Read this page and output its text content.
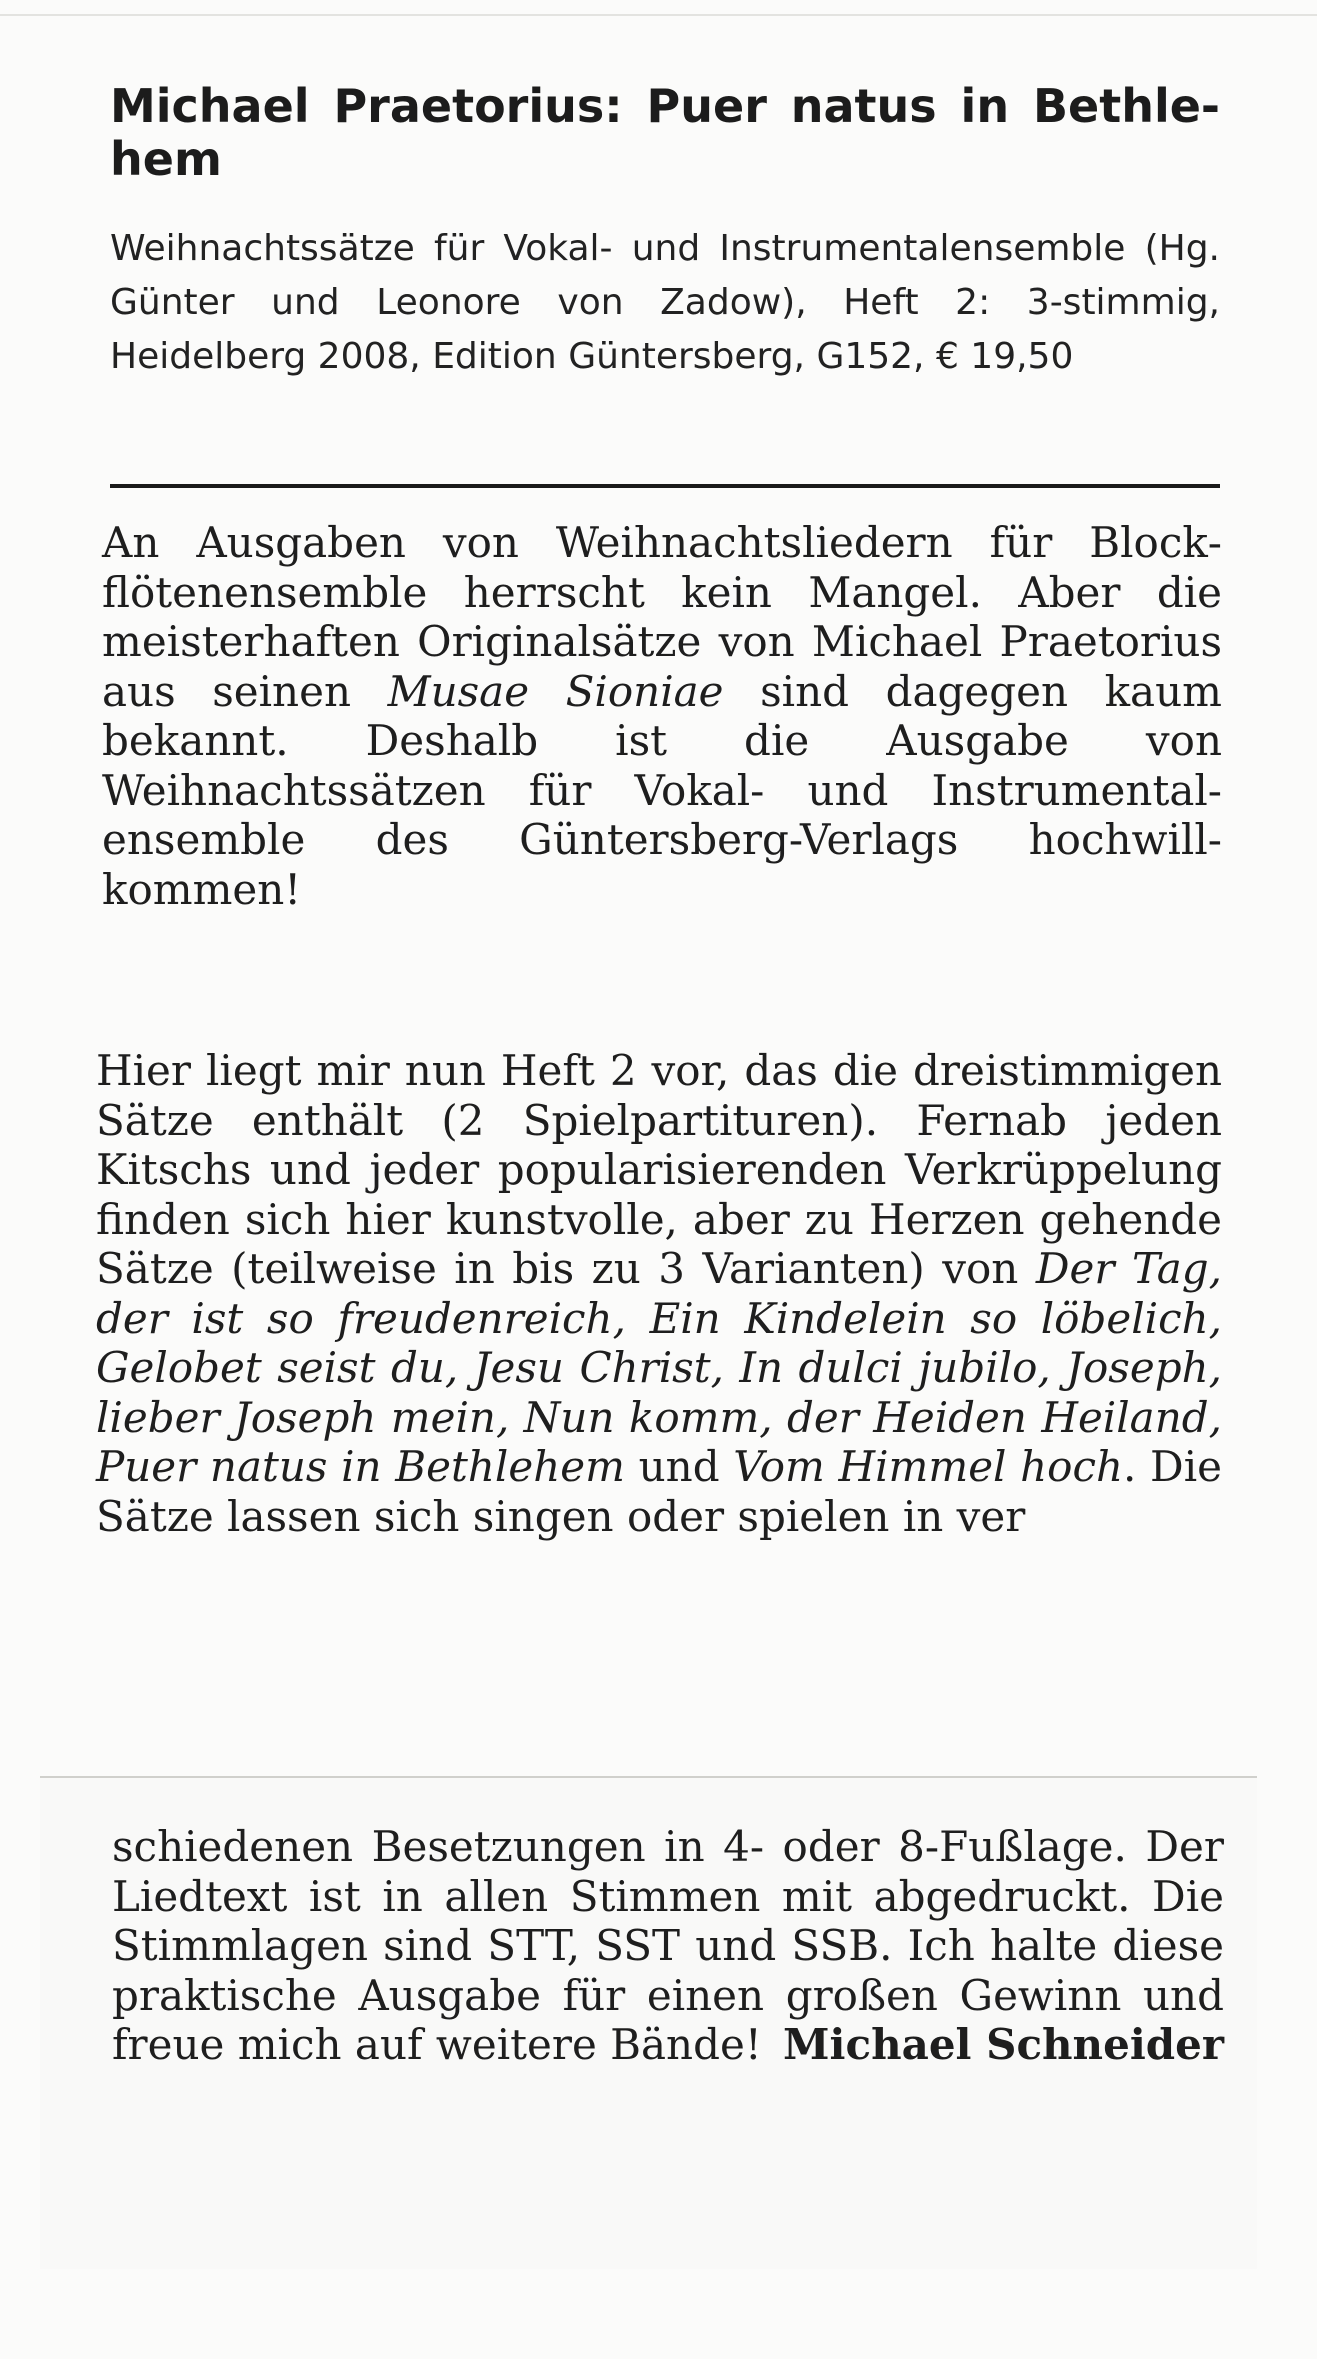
Michael Praetorius: Puer natus in Bethlehem

Weihnachtssätze für Vokal- und Instrumentalensemble (Hg. Günter und Leonore von Zadow), Heft 2: 3-stimmig, Heidelberg 2008, Edition Güntersberg, G152, € 19,50

An Ausgaben von Weihnachtsliedern für Blockflötenensemble herrscht kein Mangel. Aber die meisterhaften Originalsätze von Michael Praetorius aus seinen Musae Sioniae sind dagegen kaum bekannt. Deshalb ist die Ausgabe von Weihnachtssätzen für Vokal- und Instrumentalensemble des Güntersberg-Verlags hochwillkommen!

Hier liegt mir nun Heft 2 vor, das die dreistimmigen Sätze enthält (2 Spielpartituren). Fernab jeden Kitschs und jeder popularisierenden Verkrüppelung finden sich hier kunstvolle, aber zu Herzen gehende Sätze (teilweise in bis zu 3 Varianten) von Der Tag, der ist so freudenreich, Ein Kindelein so löbelich, Gelobet seist du, Jesu Christ, In dulci jubilo, Joseph, lieber Joseph mein, Nun komm, der Heiden Heiland, Puer natus in Bethlehem und Vom Himmel hoch. Die Sätze lassen sich singen oder spielen in ver

schiedenen Besetzungen in 4- oder 8-Fußlage. Der Liedtext ist in allen Stimmen mit abgedruckt. Die Stimmlagen sind STT, SST und SSB. Ich halte diese praktische Ausgabe für einen großen Gewinn und freue mich auf weitere Bände! Michael Schneider
